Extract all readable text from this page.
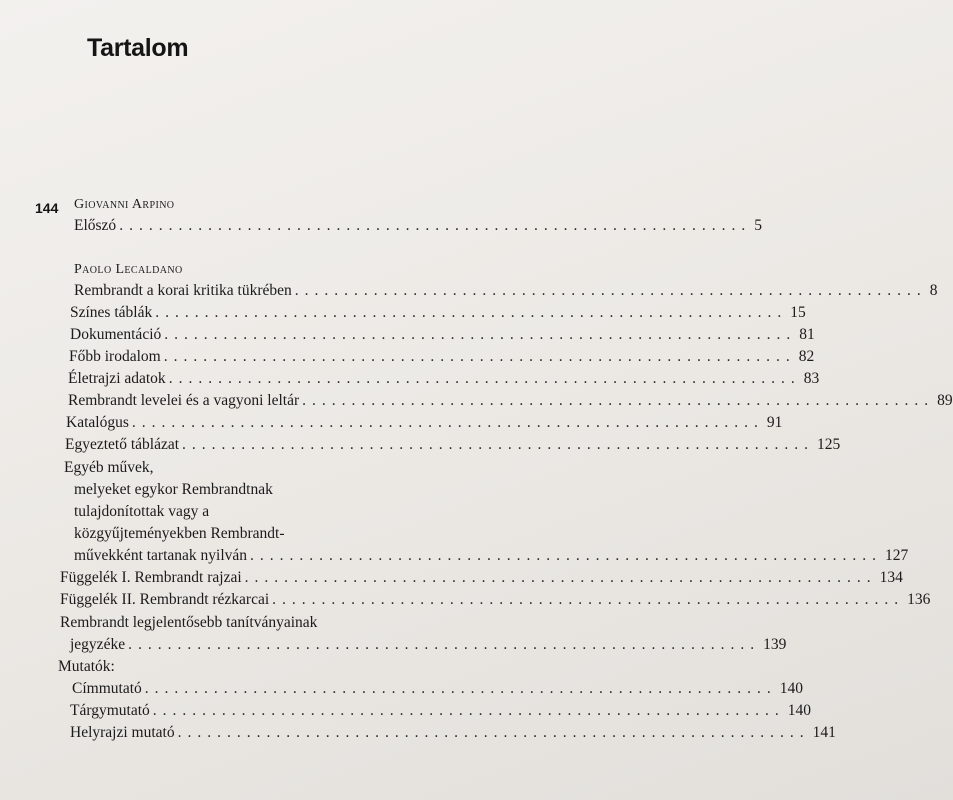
Tartalom
144 Giovanni Arpino
Előszó ................................................................ 5
Paolo Lecaldano
Rembrandt a korai kritika tükrében ................................................................ 8
Színes táblák ................................................................ 15
Dokumentáció ................................................................ 81
Főbb irodalom ................................................................ 82
Életrajzi adatok ................................................................ 83
Rembrandt levelei és a vagyoni leltár ................................................................ 89
Katalógus ................................................................ 91
Egyeztető táblázat ................................................................ 125
Egyéb művek,
melyeket egykor Rembrandtnak
tulajdonítottak vagy a
közgyűjteményekben Rembrandt-
művekként tartanak nyilván ................................................................ 127
Függelék I. Rembrandt rajzai ................................................................ 134
Függelék II. Rembrandt rézkarcai ................................................................ 136
Rembrandt legjelentősebb tanítványainak
jegyzéke ................................................................ 139
Mutatók:
Címmutató ................................................................ 140
Tárgymutató ................................................................ 140
Helyrajzi mutató ................................................................ 141
